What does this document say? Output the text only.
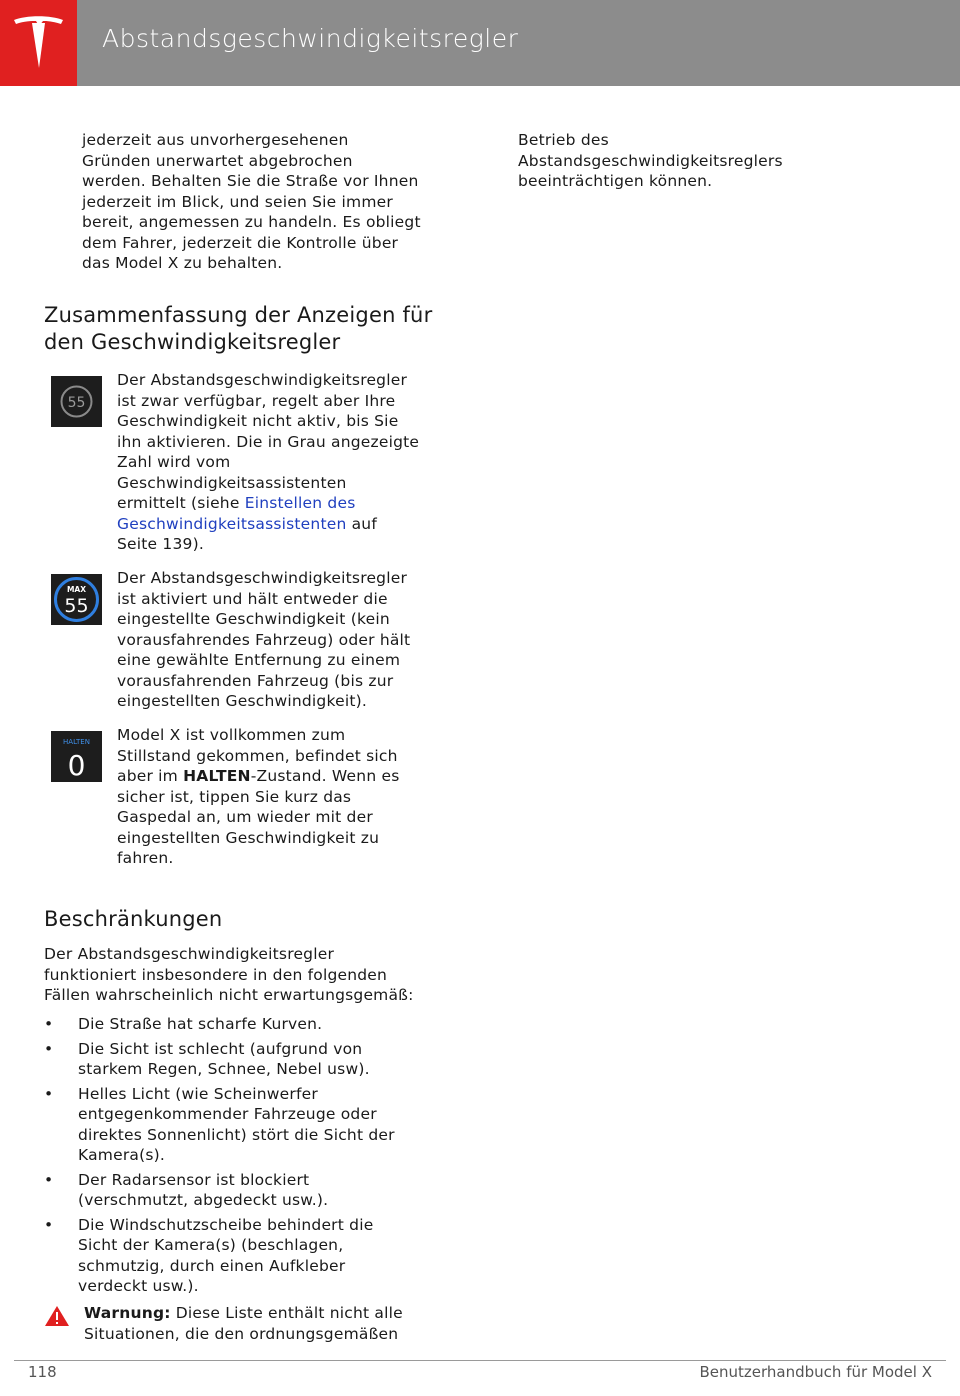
Abstandsgeschwindigkeitsregler
jederzeit aus unvorhergesehenen
Gründen unerwartet abgebrochen
werden. Behalten Sie die Straße vor Ihnen
jederzeit im Blick, und seien Sie immer
bereit, angemessen zu handeln. Es obliegt
dem Fahrer, jederzeit die Kontrolle über
das Model X zu behalten.
Betrieb des
Abstandsgeschwindigkeitsreglers
beeinträchtigen können.
Zusammenfassung der Anzeigen für
den Geschwindigkeitsregler
55
Der Abstandsgeschwindigkeitsregler
ist zwar verfügbar, regelt aber Ihre
Geschwindigkeit nicht aktiv, bis Sie
ihn aktivieren. Die in Grau angezeigte
Zahl wird vom
Geschwindigkeitsassistenten
ermittelt (siehe Einstellen des
Geschwindigkeitsassistenten auf
Seite 139).
MAX
55
Der Abstandsgeschwindigkeitsregler
ist aktiviert und hält entweder die
eingestellte Geschwindigkeit (kein
vorausfahrendes Fahrzeug) oder hält
eine gewählte Entfernung zu einem
vorausfahrenden Fahrzeug (bis zur
eingestellten Geschwindigkeit).
HALTEN
0
Model X ist vollkommen zum
Stillstand gekommen, befindet sich
aber im HALTEN-Zustand. Wenn es
sicher ist, tippen Sie kurz das
Gaspedal an, um wieder mit der
eingestellten Geschwindigkeit zu
fahren.
Beschränkungen
Der Abstandsgeschwindigkeitsregler
funktioniert insbesondere in den folgenden
Fällen wahrscheinlich nicht erwartungsgemäß:
• Die Straße hat scharfe Kurven.
• Die Sicht ist schlecht (aufgrund von
starkem Regen, Schnee, Nebel usw).
• Helles Licht (wie Scheinwerfer
entgegenkommender Fahrzeuge oder
direktes Sonnenlicht) stört die Sicht der
Kamera(s).
• Der Radarsensor ist blockiert
(verschmutzt, abgedeckt usw.).
• Die Windschutzscheibe behindert die
Sicht der Kamera(s) (beschlagen,
schmutzig, durch einen Aufkleber
verdeckt usw.).
Warnung: Diese Liste enthält nicht alle
Situationen, die den ordnungsgemäßen
118	Benutzerhandbuch für Model X
